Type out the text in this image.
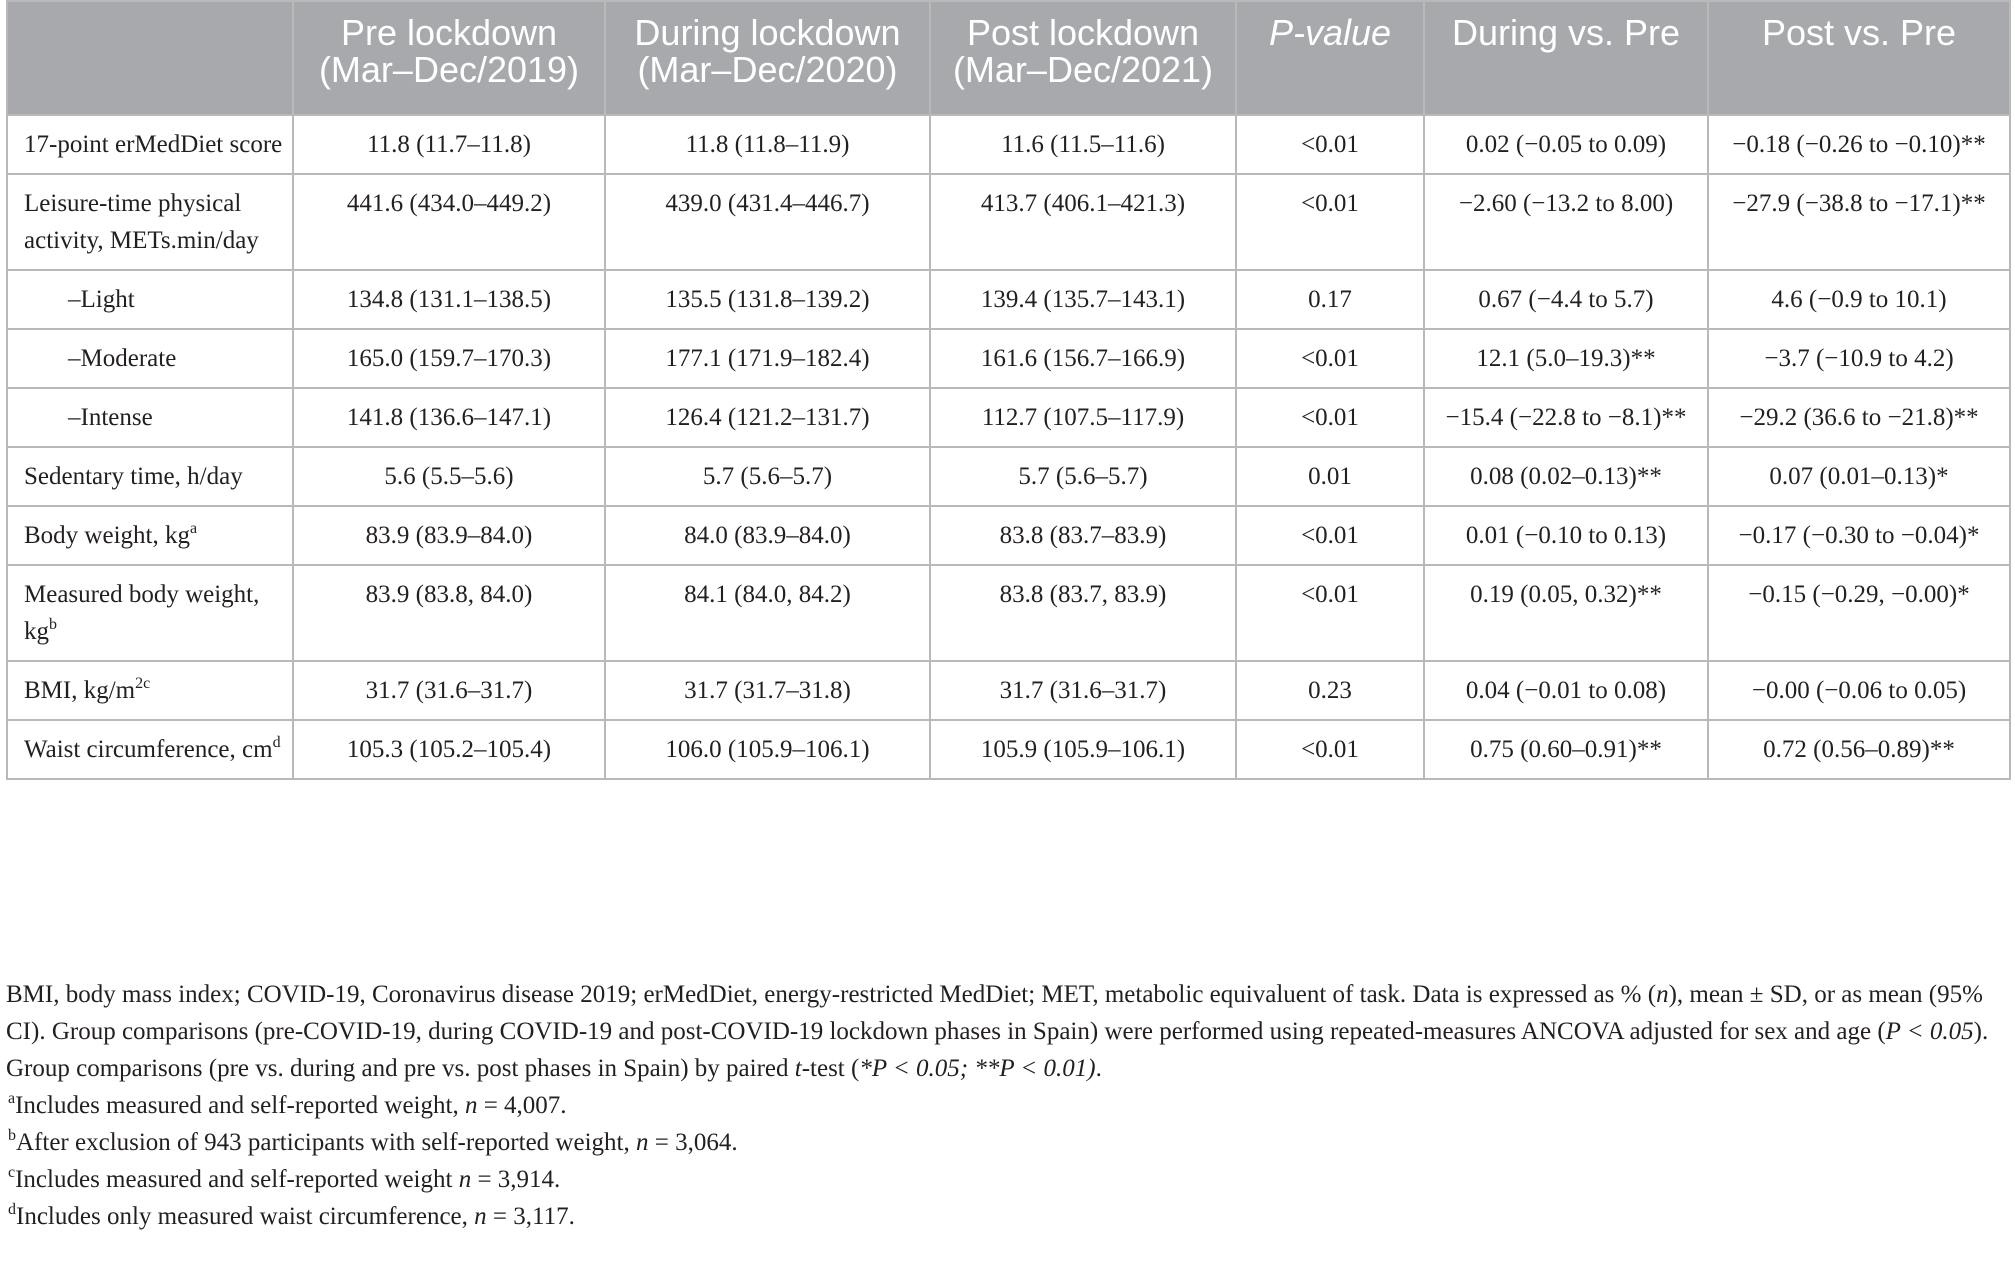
	Pre lockdown (Mar–Dec/2019)	During lockdown (Mar–Dec/2020)	Post lockdown (Mar–Dec/2021)	P-value	During vs. Pre	Post vs. Pre
17-point erMedDiet score	11.8 (11.7–11.8)	11.8 (11.8–11.9)	11.6 (11.5–11.6)	<0.01	0.02 (−0.05 to 0.09)	−0.18 (−0.26 to −0.10)**
Leisure-time physical activity, METs.min/day	441.6 (434.0–449.2)	439.0 (431.4–446.7)	413.7 (406.1–421.3)	<0.01	−2.60 (−13.2 to 8.00)	−27.9 (−38.8 to −17.1)**
–Light	134.8 (131.1–138.5)	135.5 (131.8–139.2)	139.4 (135.7–143.1)	0.17	0.67 (−4.4 to 5.7)	4.6 (−0.9 to 10.1)
–Moderate	165.0 (159.7–170.3)	177.1 (171.9–182.4)	161.6 (156.7–166.9)	<0.01	12.1 (5.0–19.3)**	−3.7 (−10.9 to 4.2)
–Intense	141.8 (136.6–147.1)	126.4 (121.2–131.7)	112.7 (107.5–117.9)	<0.01	−15.4 (−22.8 to −8.1)**	−29.2 (36.6 to −21.8)**
Sedentary time, h/day	5.6 (5.5–5.6)	5.7 (5.6–5.7)	5.7 (5.6–5.7)	0.01	0.08 (0.02–0.13)**	0.07 (0.01–0.13)*
Body weight, $kg^a$	83.9 (83.9–84.0)	84.0 (83.9–84.0)	83.8 (83.7–83.9)	<0.01	0.01 (−0.10 to 0.13)	−0.17 (−0.30 to −0.04)*
Measured body weight, $kg^b$	83.9 (83.8, 84.0)	84.1 (84.0, 84.2)	83.8 (83.7, 83.9)	<0.01	0.19 (0.05, 0.32)**	−0.15 (−0.29, −0.00)*
BMI, $kg/m^{2c}$	31.7 (31.6–31.7)	31.7 (31.7–31.8)	31.7 (31.6–31.7)	0.23	0.04 (−0.01 to 0.08)	−0.00 (−0.06 to 0.05)
Waist circumference, $cm^d$	105.3 (105.2–105.4)	106.0 (105.9–106.1)	105.9 (105.9–106.1)	<0.01	0.75 (0.60–0.91)**	0.72 (0.56–0.89)**

BMI, body mass index; COVID-19, Coronavirus disease 2019; erMedDiet, energy-restricted MedDiet; MET, metabolic equivaluent of task. Data is expressed as % (n), mean ± SD, or as mean (95% CI). Group comparisons (pre-COVID-19, during COVID-19 and post-COVID-19 lockdown phases in Spain) were performed using repeated-measures ANCOVA adjusted for sex and age (P < 0.05).

Group comparisons (pre vs. during and pre vs. post phases in Spain) by paired t-test (*P < 0.05; **P < 0.01).

$^a$Includes measured and self-reported weight, n = 4,007.

$^b$After exclusion of 943 participants with self-reported weight, n = 3,064.

$^c$Includes measured and self-reported weight n = 3,914.

$^d$Includes only measured waist circumference, n = 3,117.
